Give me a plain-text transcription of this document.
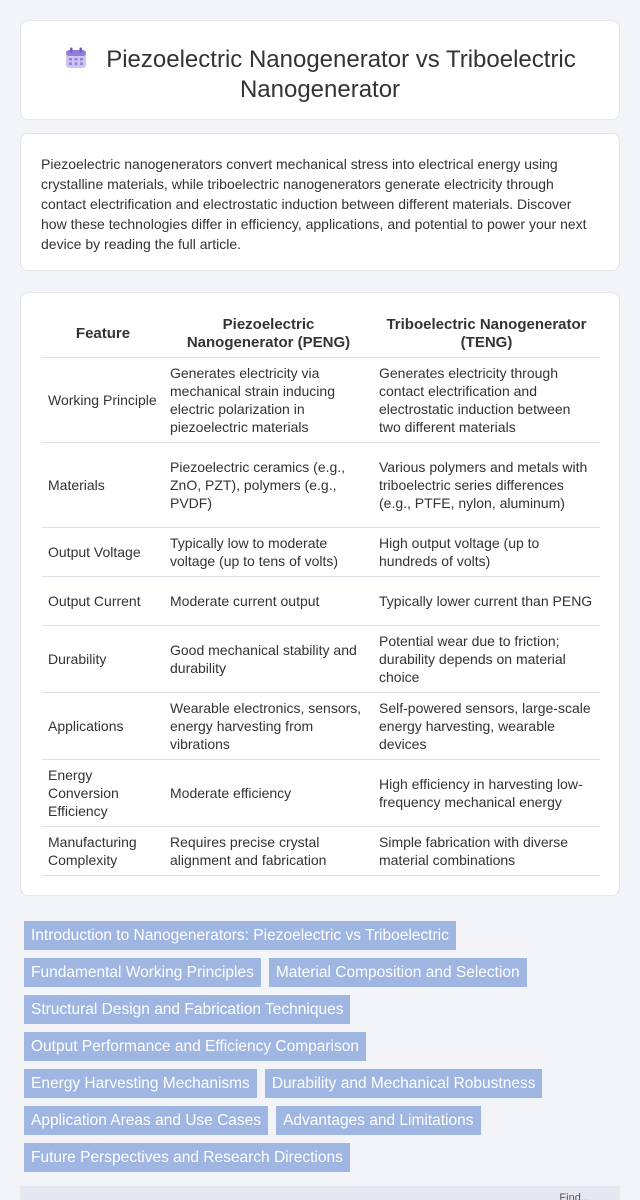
Piezoelectric Nanogenerator vs Triboelectric
Nanogenerator

Piezoelectric nanogenerators convert mechanical stress into electrical energy using crystalline materials, while triboelectric nanogenerators generate electricity through contact electrification and electrostatic induction between different materials. Discover how these technologies differ in efficiency, applications, and potential to power your next device by reading the full article.

Feature	Piezoelectric Nanogenerator (PENG)	Triboelectric Nanogenerator (TENG)
Working Principle	Generates electricity via mechanical strain inducing electric polarization in piezoelectric materials	Generates electricity through contact electrification and electrostatic induction between two different materials
Materials	Piezoelectric ceramics (e.g., ZnO, PZT), polymers (e.g., PVDF)	Various polymers and metals with triboelectric series differences (e.g., PTFE, nylon, aluminum)
Output Voltage	Typically low to moderate voltage (up to tens of volts)	High output voltage (up to hundreds of volts)
Output Current	Moderate current output	Typically lower current than PENG
Durability	Good mechanical stability and durability	Potential wear due to friction; durability depends on material choice
Applications	Wearable electronics, sensors, energy harvesting from vibrations	Self-powered sensors, large-scale energy harvesting, wearable devices
Energy Conversion Efficiency	Moderate efficiency	High efficiency in harvesting low-frequency mechanical energy
Manufacturing Complexity	Requires precise crystal alignment and fabrication	Simple fabrication with diverse material combinations
Introduction to Nanogenerators: Piezoelectric vs Triboelectric
Fundamental Working Principles Material Composition and Selection
Structural Design and Fabrication Techniques
Output Performance and Efficiency Comparison
Energy Harvesting Mechanisms Durability and Mechanical Robustness
Application Areas and Use Cases Advantages and Limitations
Future Perspectives and Research Directions
Find...
